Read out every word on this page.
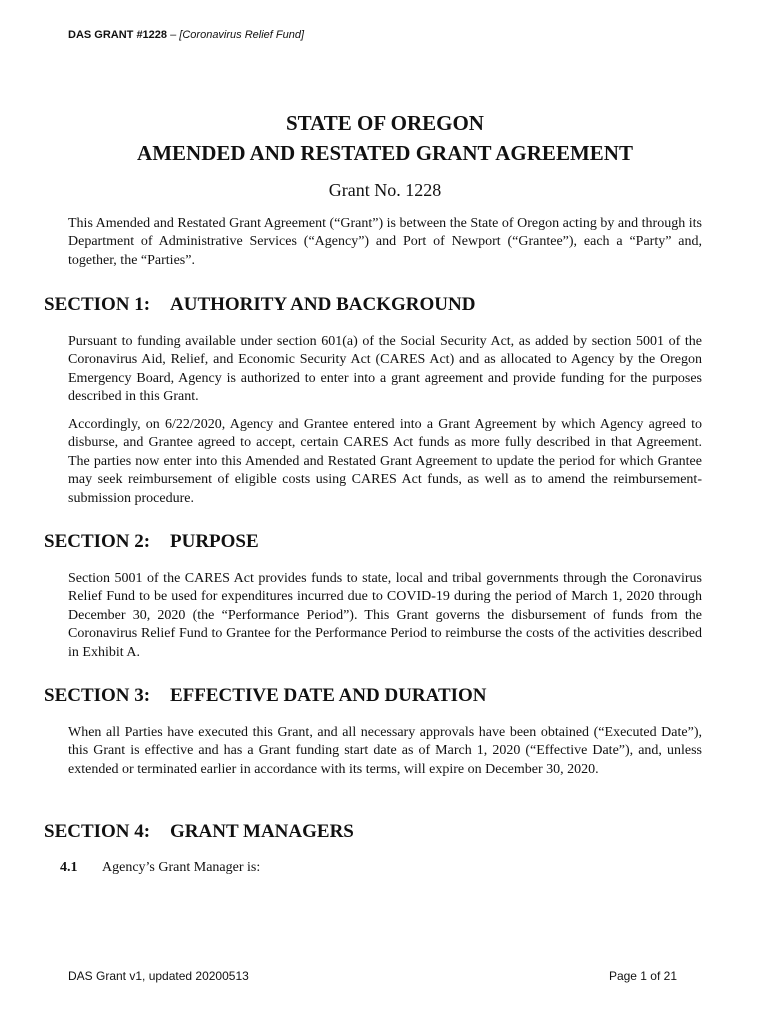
DAS GRANT #1228 – [Coronavirus Relief Fund]
STATE OF OREGON
AMENDED AND RESTATED GRANT AGREEMENT
Grant No. 1228
This Amended and Restated Grant Agreement (“Grant”) is between the State of Oregon acting by and through its Department of Administrative Services (“Agency”) and Port of Newport (“Grantee”), each a “Party” and, together, the “Parties”.
SECTION 1: AUTHORITY AND BACKGROUND
Pursuant to funding available under section 601(a) of the Social Security Act, as added by section 5001 of the Coronavirus Aid, Relief, and Economic Security Act (CARES Act) and as allocated to Agency by the Oregon Emergency Board, Agency is authorized to enter into a grant agreement and provide funding for the purposes described in this Grant.
Accordingly, on 6/22/2020, Agency and Grantee entered into a Grant Agreement by which Agency agreed to disburse, and Grantee agreed to accept, certain CARES Act funds as more fully described in that Agreement. The parties now enter into this Amended and Restated Grant Agreement to update the period for which Grantee may seek reimbursement of eligible costs using CARES Act funds, as well as to amend the reimbursement-submission procedure.
SECTION 2: PURPOSE
Section 5001 of the CARES Act provides funds to state, local and tribal governments through the Coronavirus Relief Fund to be used for expenditures incurred due to COVID-19 during the period of March 1, 2020 through December 30, 2020 (the “Performance Period”). This Grant governs the disbursement of funds from the Coronavirus Relief Fund to Grantee for the Performance Period to reimburse the costs of the activities described in Exhibit A.
SECTION 3: EFFECTIVE DATE AND DURATION
When all Parties have executed this Grant, and all necessary approvals have been obtained (“Executed Date”), this Grant is effective and has a Grant funding start date as of March 1, 2020 (“Effective Date”), and, unless extended or terminated earlier in accordance with its terms, will expire on December 30, 2020.
SECTION 4: GRANT MANAGERS
4.1 Agency’s Grant Manager is:
DAS Grant v1, updated 20200513	Page 1 of 21
